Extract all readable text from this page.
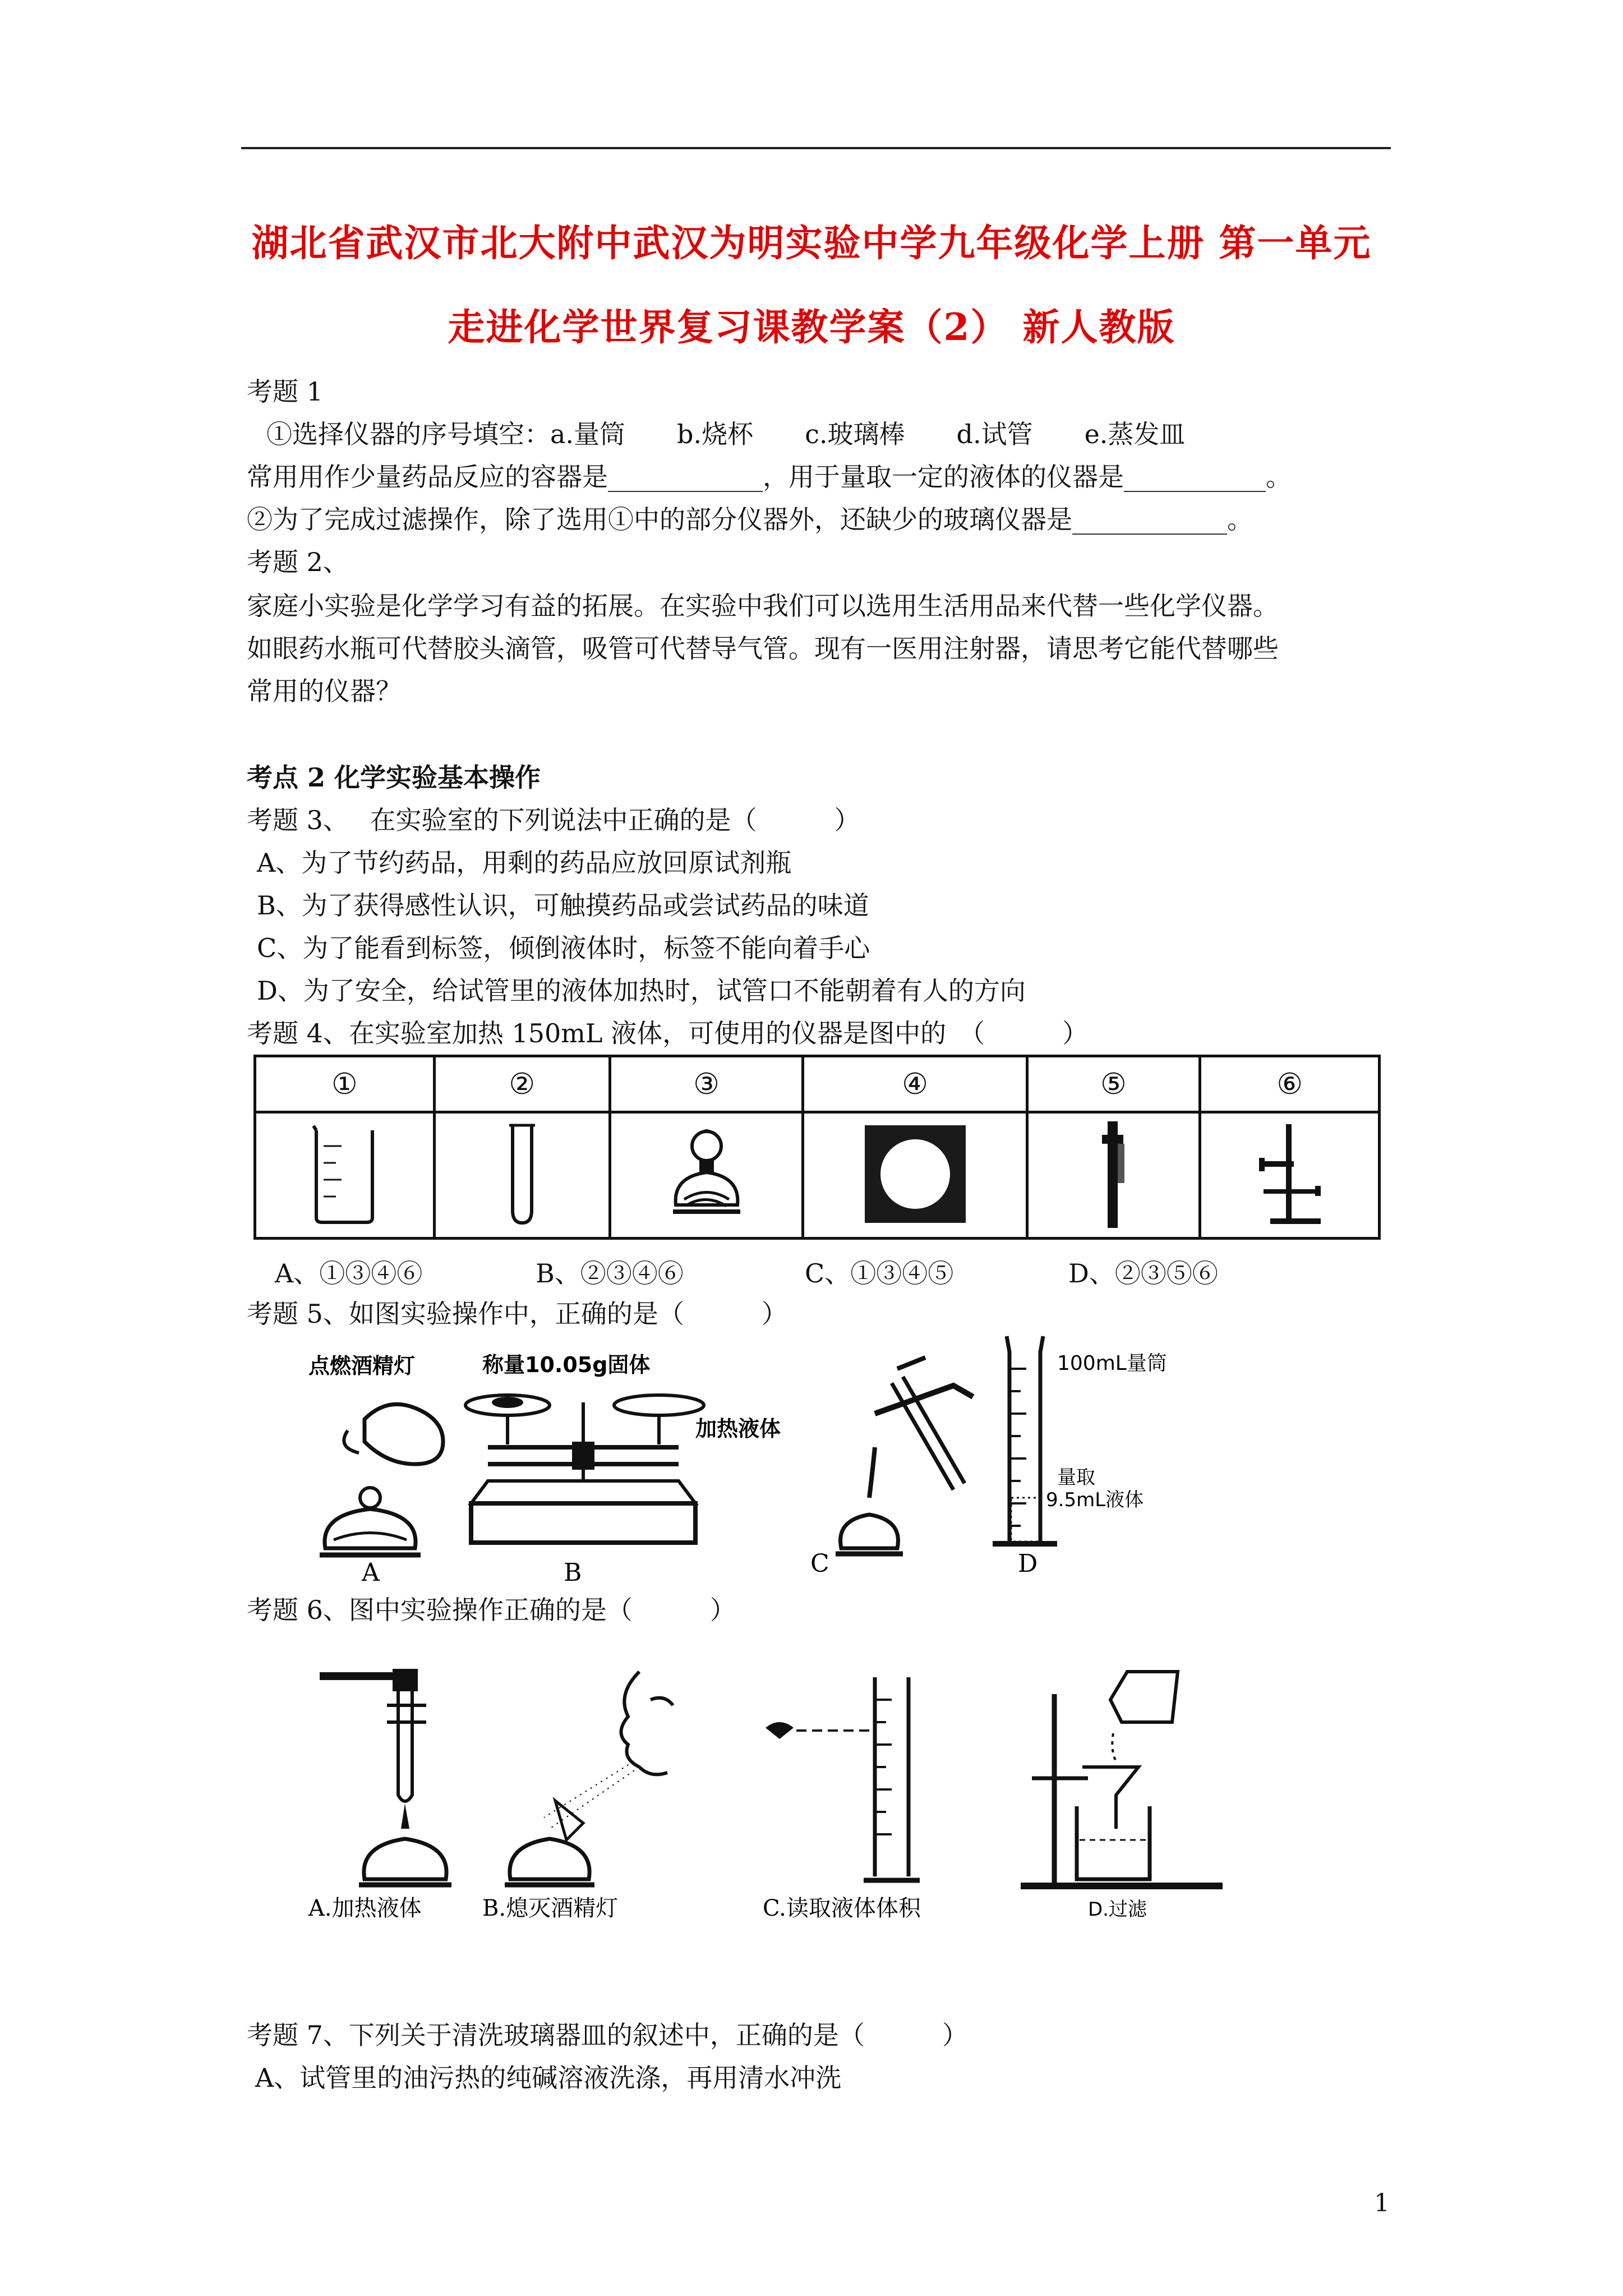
湖北省武汉市北大附中武汉为明实验中学九年级化学上册 第一单元
走进化学世界复习课教学案（2） 新人教版
考题 1
①选择仪器的序号填空：a.量筒　　b.烧杯　　c.玻璃棒　　d.试管　　e.蒸发皿
常用用作少量药品反应的容器是____________，用于量取一定的液体的仪器是___________。
②为了完成过滤操作，除了选用①中的部分仪器外，还缺少的玻璃仪器是____________。
考题 2、
家庭小实验是化学学习有益的拓展。在实验中我们可以选用生活用品来代替一些化学仪器。
如眼药水瓶可代替胶头滴管，吸管可代替导气管。现有一医用注射器，请思考它能代替哪些
常用的仪器？
考点 2 化学实验基本操作
考题 3、　 在实验室的下列说法中正确的是（　　　）
A、为了节约药品，用剩的药品应放回原试剂瓶
B、为了获得感性认识，可触摸药品或尝试药品的味道
C、为了能看到标签，倾倒液体时，标签不能向着手心
D、为了安全，给试管里的液体加热时，试管口不能朝着有人的方向
考题 4、在实验室加热 150mL 液体，可使用的仪器是图中的　（　　　）
①	②	③	④	⑤	⑥

A、①③④⑥	B、②③④⑥	C、①③④⑤	D、②③⑤⑥
考题 5、如图实验操作中，正确的是（　　　）
点燃酒精灯
A
称量10.05g固体
B
加热液体
C
100mL量筒
量取
9.5mL液体
D
考题 6、图中实验操作正确的是（　　　）
A.加热液体	B.熄灭酒精灯	C.读取液体体积	D.过滤
考题 7、下列关于清洗玻璃器皿的叙述中，正确的是（　　　）
A、试管里的油污热的纯碱溶液洗涤，再用清水冲洗
1
